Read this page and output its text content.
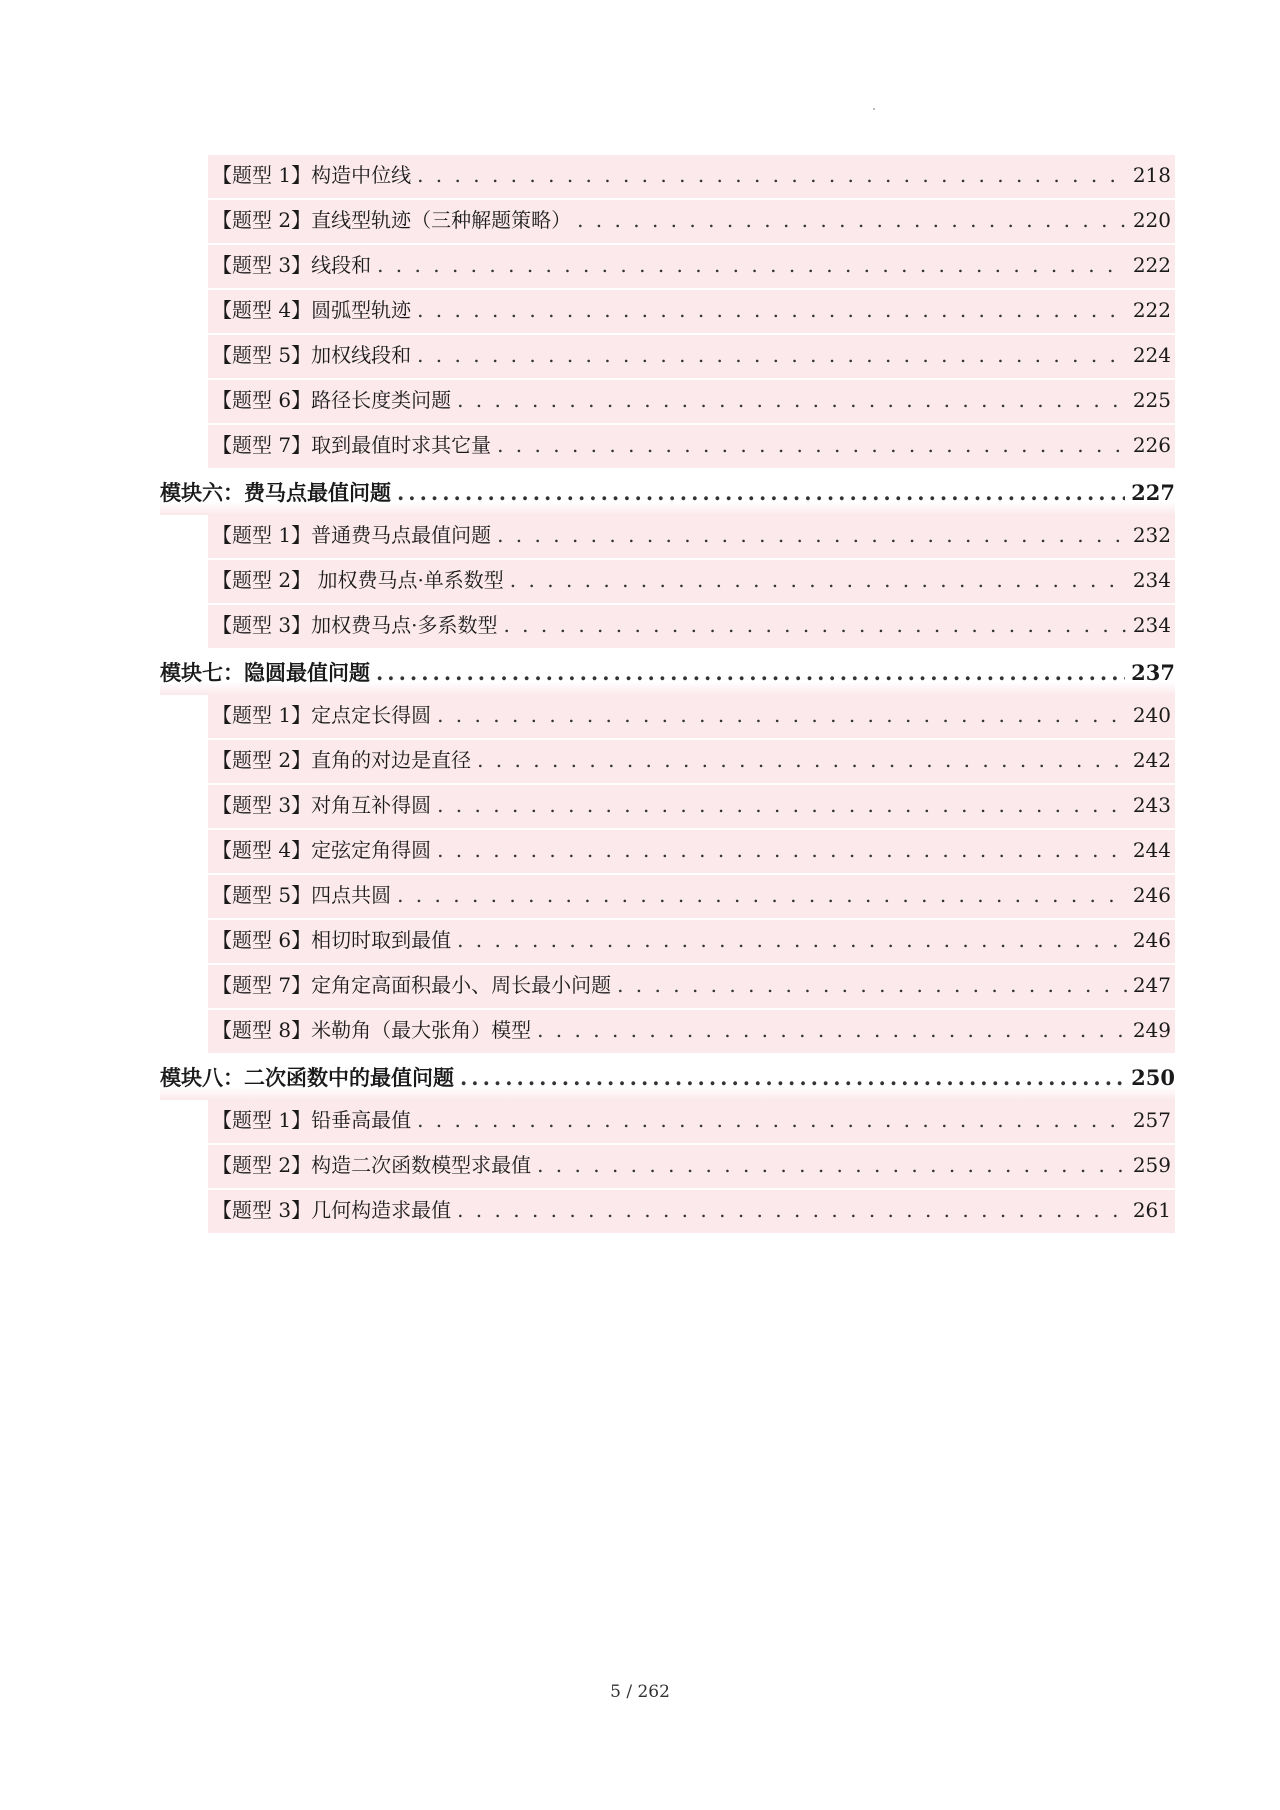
【题型 1】构造中位线 . . .	218
【题型 2】直线型轨迹（三种解题策略） . . .	220
【题型 3】线段和 . . .	222
【题型 4】圆弧型轨迹 . . .	222
【题型 5】加权线段和 . . .	224
【题型 6】路径长度类问题 . . .	225
【题型 7】取到最值时求其它量 . . .	226
模块六：费马点最值问题 .....	227
【题型 1】普通费马点最值问题 . . .	232
【题型 2】 加权费马点·单系数型 . . .	234
【题型 3】加权费马点·多系数型 . . .	234
模块七：隐圆最值问题 .....	237
【题型 1】定点定长得圆 . . .	240
【题型 2】直角的对边是直径 . . .	242
【题型 3】对角互补得圆 . . .	243
【题型 4】定弦定角得圆 . . .	244
【题型 5】四点共圆 . . .	246
【题型 6】相切时取到最值 . . .	246
【题型 7】定角定高面积最小、周长最小问题 . . .	247
【题型 8】米勒角（最大张角）模型 . . .	249
模块八：二次函数中的最值问题 .....	250
【题型 1】铅垂高最值 . . .	257
【题型 2】构造二次函数模型求最值 . . .	259
【题型 3】几何构造求最值 . . .	261
5 / 262
